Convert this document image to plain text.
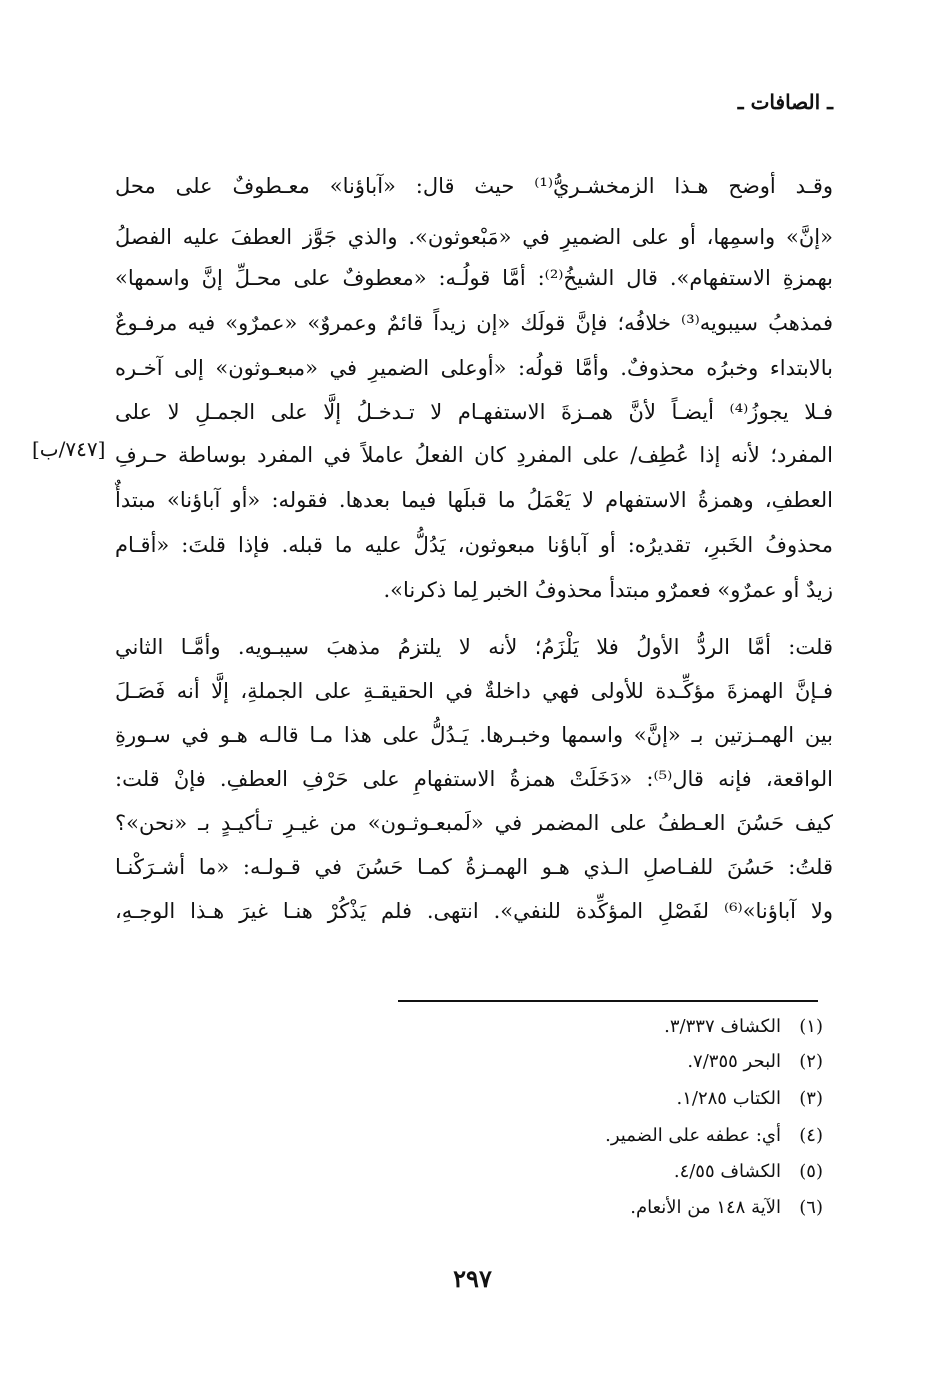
ـ الصافات ـ
وقـد أوضح هـذا الزمخشـريُّ⁽¹⁾ حيث قال: «آباؤنا» معـطوفٌ على محل
«إنَّ» واسمِها، أو على الضميرِ في «مَبْعوثون». والذي جَوَّز العطفَ عليه الفصلُ
بهمزةِ الاستفهام». قال الشيخُ⁽²⁾: أمَّا قولُـه: «معطوفٌ على محـلِّ إنَّ واسمها»
فمذهبُ سيبويه⁽³⁾ خلافُه؛ فإنَّ قولَك «إن زيداً قائمٌ وعمروٌ» «عمرٌو» فيه مرفـوعٌ
بالابتداء وخبرُه محذوفٌ. وأمَّا قولُه: «أوعلى الضميرِ في «مبعـوثون» إلى آخـره
فـلا يجوزُ⁽⁴⁾ أيضـاً لأنَّ همـزةَ الاستفهـام لا تـدخـلُ إلَّا على الجمـلِ لا على
المفرد؛ لأنه إذا عُطِف/ على المفردِ كان الفعلُ عاملاً في المفرد بوساطة حـرفِ
العطفِ، وهمزةُ الاستفهام لا يَعْمَلُ ما قبلَها فيما بعدها. فقوله: «أو آباؤنا» مبتدأٌ
محذوفُ الخَبرِ، تقديرُه: أو آباؤنا مبعوثون، يَدُلُّ عليه ما قبله. فإذا قلتَ: «أقـام
زيدٌ أو عمرٌو» فعمرٌو مبتدأ محذوفُ الخبر لِما ذكرنا».
قلت: أمَّا الردُّ الأولُ فلا يَلْزَمُ؛ لأنه لا يلتزمُ مذهبَ سيبـويه. وأمَّـا الثاني
فـإنَّ الهمزةَ مؤكِّـدة للأولى فهي داخلةٌ في الحقيقـةِ على الجملةِ، إلَّا أنه فَصَـلَ
بين الهمـزتين بـ «إنَّ» واسمها وخبـرها. يَـدُلُّ على هذا مـا قالـه هـو في سـورةِ
الواقعة، فإنه قال⁽⁵⁾: «دَخَلَتْ همزةُ الاستفهامِ على حَرْفِ العطفِ. فإنْ قلت:
كيف حَسُنَ العـطفُ على المضمر في «لَمبعـوثـون» من غيـرِ تـأكيـدٍ بـ «نحن»؟
قلتُ: حَسُنَ للفـاصلِ الـذي هـو الهمـزةُ كمـا حَسُنَ في قـولـه: «ما أشـرَكْنـا
ولا آباؤنا»⁽⁶⁾ لفَصْلِ المؤكِّدة للنفي». انتهى. فلم يَذْكُرْ هنـا غيرَ هـذا الوجـهِ،
[٧٤٧/ب]
(١)الكشاف ٣/٣٣٧.
(٢)البحر ٧/٣٥٥.
(٣)الكتاب ١/٢٨٥.
(٤)أي: عطفه على الضمير.
(٥)الكشاف ٤/٥٥.
(٦)الآية ١٤٨ من الأنعام.
٢٩٧
